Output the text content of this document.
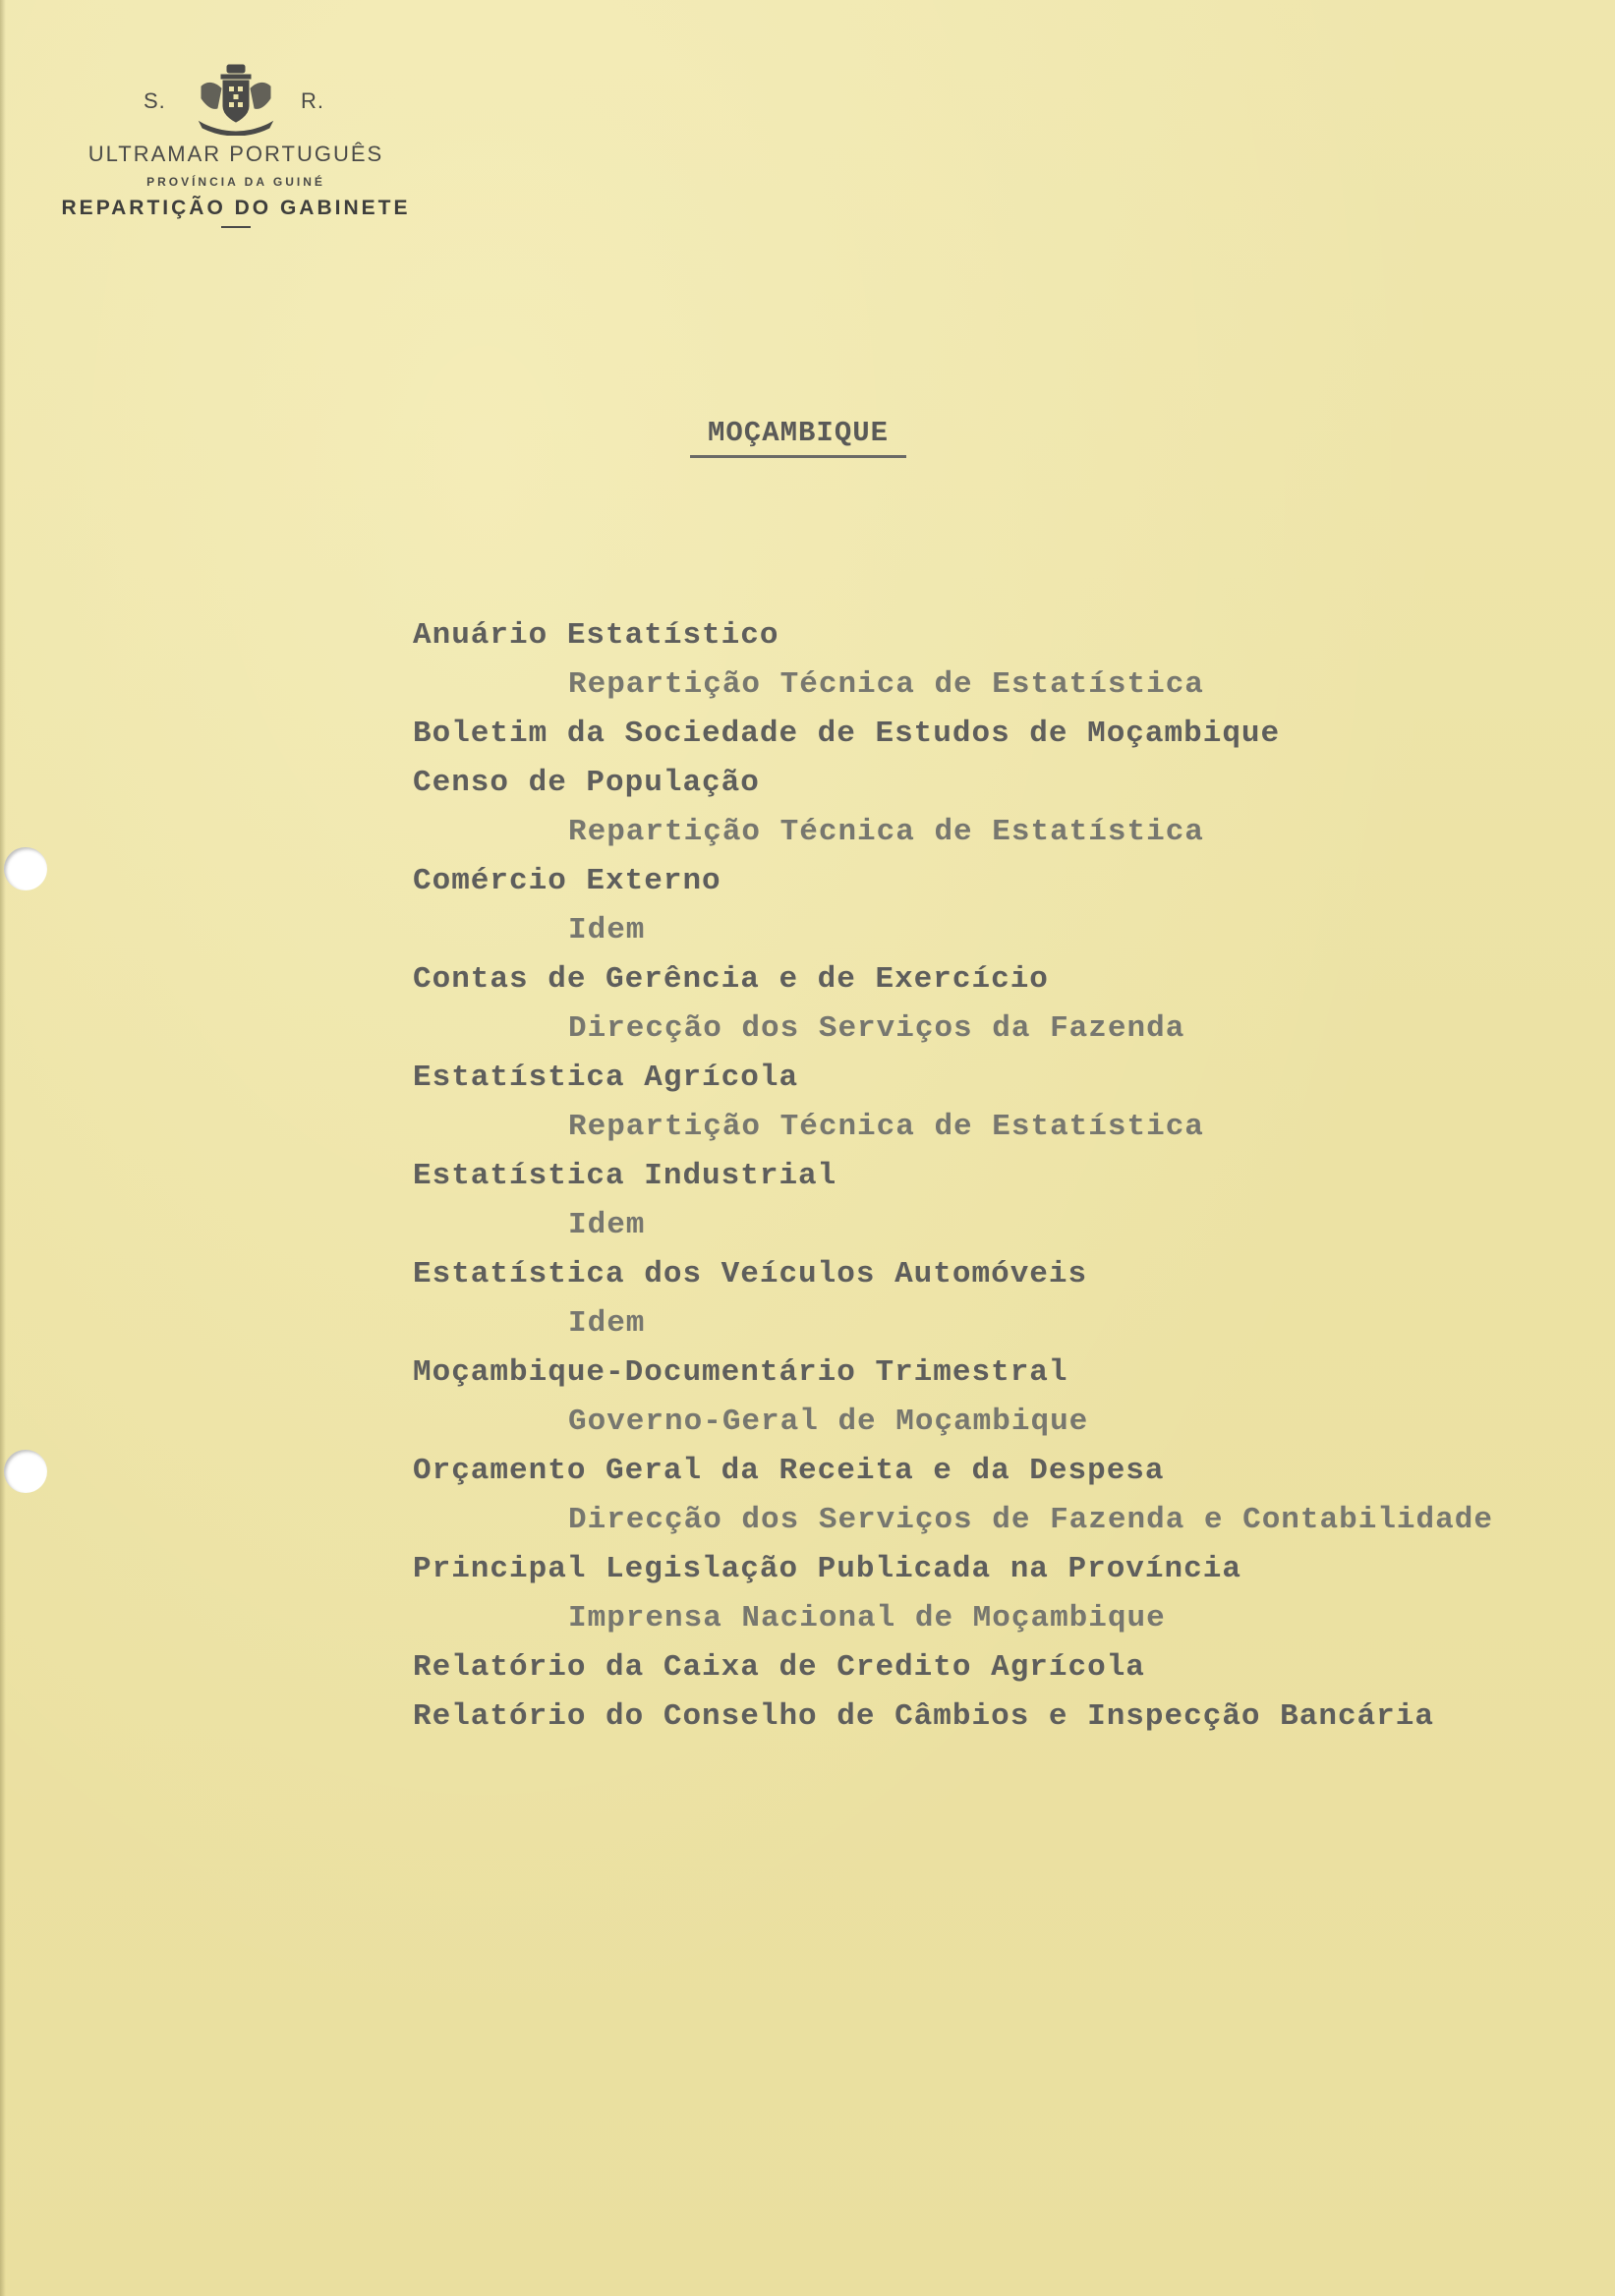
S.	R.
ULTRAMAR PORTUGUÊS
PROVÍNCIA DA GUINÉ
REPARTIÇÃO DO GABINETE
MOÇAMBIQUE
Anuário Estatístico
Repartição Técnica de Estatística
Boletim da Sociedade de Estudos de Moçambique
Censo de População
Repartição Técnica de Estatística
Comércio Externo
Idem
Contas de Gerência e de Exercício
Direcção dos Serviços da Fazenda
Estatística Agrícola
Repartição Técnica de Estatística
Estatística Industrial
Idem
Estatística dos Veículos Automóveis
Idem
Moçambique-Documentário Trimestral
Governo-Geral de Moçambique
Orçamento Geral da Receita e da Despesa
Direcção dos Serviços de Fazenda e Contabilidade
Principal Legislação Publicada na Província
Imprensa Nacional de Moçambique
Relatório da Caixa de Credito Agrícola
Relatório do Conselho de Câmbios e Inspecção Bancária
